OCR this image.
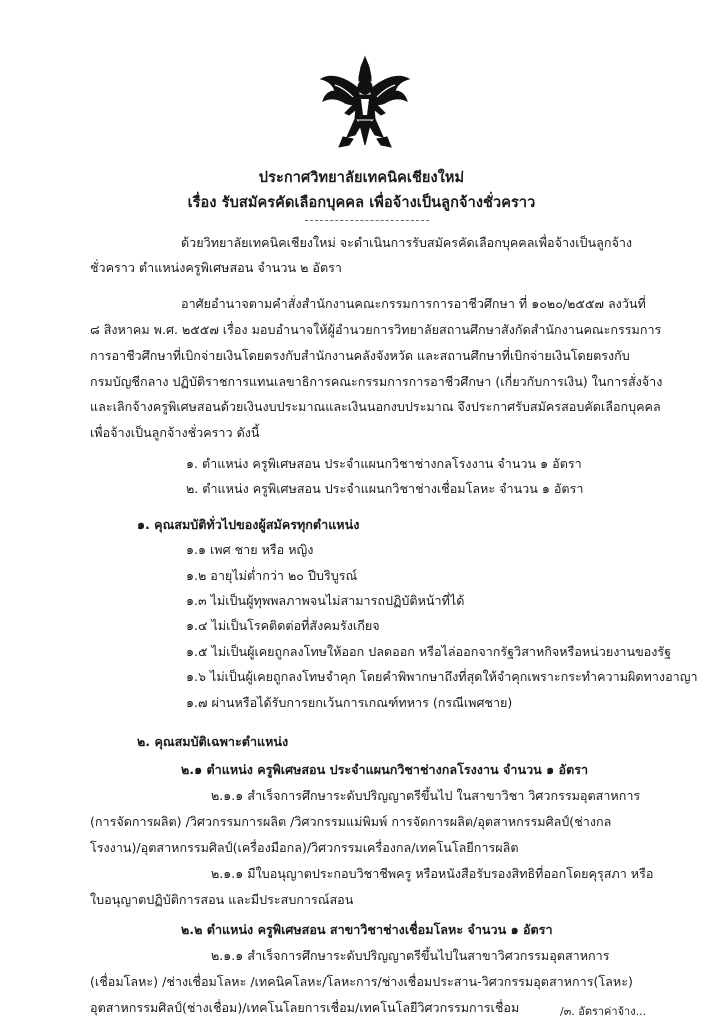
ประกาศวิทยาลัยเทคนิคเชียงใหม่
เรื่อง รับสมัครคัดเลือกบุคคล เพื่อจ้างเป็นลูกจ้างชั่วคราว
ด้วยวิทยาลัยเทคนิคเชียงใหม่ จะดำเนินการรับสมัครคัดเลือกบุคคลเพื่อจ้างเป็นลูกจ้าง
ชั่วคราว ตำแหน่งครูพิเศษสอน จำนวน ๒ อัตรา
อาศัยอำนาจตามคำสั่งสำนักงานคณะกรรมการการอาชีวศึกษา ที่ ๑๐๒๐/๒๕๕๗ ลงวันที่
๘ สิงหาคม พ.ศ. ๒๕๕๗ เรื่อง มอบอำนาจให้ผู้อำนวยการวิทยาลัยสถานศึกษาสังกัดสำนักงานคณะกรรมการ
การอาชีวศึกษาที่เบิกจ่ายเงินโดยตรงกับสำนักงานคลังจังหวัด และสถานศึกษาที่เบิกจ่ายเงินโดยตรงกับ
กรมบัญชีกลาง ปฏิบัติราชการแทนเลขาธิการคณะกรรมการการอาชีวศึกษา (เกี่ยวกับการเงิน) ในการสั่งจ้าง
และเลิกจ้างครูพิเศษสอนด้วยเงินงบประมาณและเงินนอกงบประมาณ จึงประกาศรับสมัครสอบคัดเลือกบุคคล
เพื่อจ้างเป็นลูกจ้างชั่วคราว ดังนี้
๑. ตำแหน่ง ครูพิเศษสอน ประจำแผนกวิชาช่างกลโรงงาน จำนวน ๑ อัตรา
๒. ตำแหน่ง ครูพิเศษสอน ประจำแผนกวิชาช่างเชื่อมโลหะ จำนวน ๑ อัตรา
๑. คุณสมบัติทั่วไปของผู้สมัครทุกตำแหน่ง
๑.๑ เพศ ชาย หรือ หญิง
๑.๒ อายุไม่ต่ำกว่า ๒๐ ปีบริบูรณ์
๑.๓ ไม่เป็นผู้ทุพพลภาพจนไม่สามารถปฏิบัติหน้าที่ได้
๑.๔ ไม่เป็นโรคติดต่อที่สังคมรังเกียจ
๑.๕ ไม่เป็นผู้เคยถูกลงโทษให้ออก ปลดออก หรือไล่ออกจากรัฐวิสาหกิจหรือหน่วยงานของรัฐ
๑.๖ ไม่เป็นผู้เคยถูกลงโทษจำคุก โดยคำพิพากษาถึงที่สุดให้จำคุกเพราะกระทำความผิดทางอาญา
๑.๗ ผ่านหรือได้รับการยกเว้นการเกณฑ์ทหาร (กรณีเพศชาย)
๒. คุณสมบัติเฉพาะตำแหน่ง
๒.๑ ตำแหน่ง ครูพิเศษสอน ประจำแผนกวิชาช่างกลโรงงาน จำนวน ๑ อัตรา
๒.๑.๑ สำเร็จการศึกษาระดับปริญญาตรีขึ้นไป ในสาขาวิชา วิศวกรรมอุตสาหการ
(การจัดการผลิต) /วิศวกรรมการผลิต /วิศวกรรมแม่พิมพ์ การจัดการผลิต/อุตสาหกรรมศิลป์(ช่างกล
โรงงาน)/อุตสาหกรรมศิลป์(เครื่องมือกล)/วิศวกรรมเครื่องกล/เทคโนโลยีการผลิต
๒.๑.๑ มีใบอนุญาตประกอบวิชาชีพครู หรือหนังสือรับรองสิทธิที่ออกโดยคุรุสภา หรือ
ใบอนุญาตปฏิบัติการสอน และมีประสบการณ์สอน
๒.๒ ตำแหน่ง ครูพิเศษสอน สาขาวิชาช่างเชื่อมโลหะ จำนวน ๑ อัตรา
๒.๑.๑ สำเร็จการศึกษาระดับปริญญาตรีขึ้นไปในสาขาวิศวกรรมอุตสาหการ
(เชื่อมโลหะ) /ช่างเชื่อมโลหะ /เทคนิคโลหะ/โลหะการ/ช่างเชื่อมประสาน-วิศวกรรมอุตสาหการ(โลหะ)
อุตสาหกรรมศิลป์(ช่างเชื่อม)/เทคโนโลยการเชื่อม/เทคโนโลยีวิศวกรรมการเชื่อม	/๓. อัตราค่าจ้าง...
